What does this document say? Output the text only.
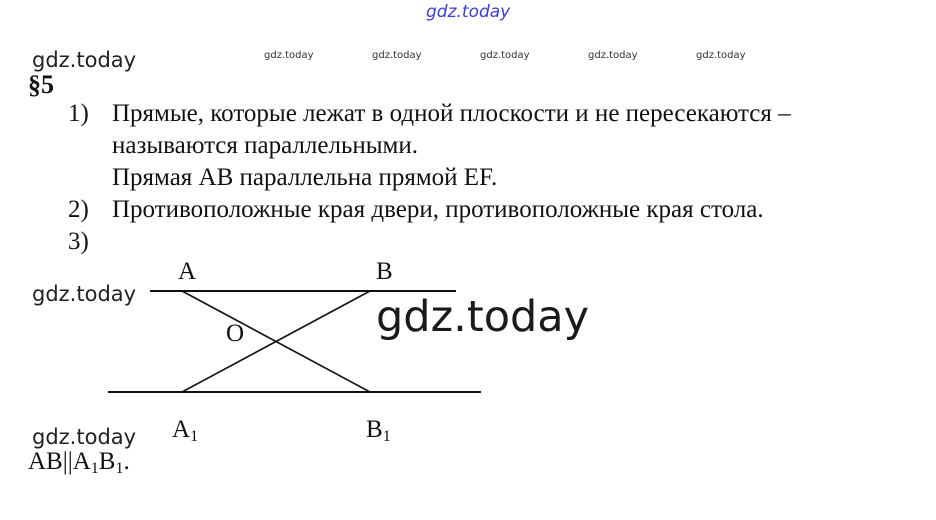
gdz.today
gdz.today	gdz.today	gdz.today	gdz.today	gdz.today	gdz.today
gdz.today
gdz.today
gdz.today
§5
1) Прямые, которые лежат в одной плоскости и не пересекаются –
называются параллельными.
Прямая AB параллельна прямой EF.
2) Противоположные края двери, противоположные края стола.
3)
A	B
O
$A_1$	$B_1$
$AB||A_1B_1$.
